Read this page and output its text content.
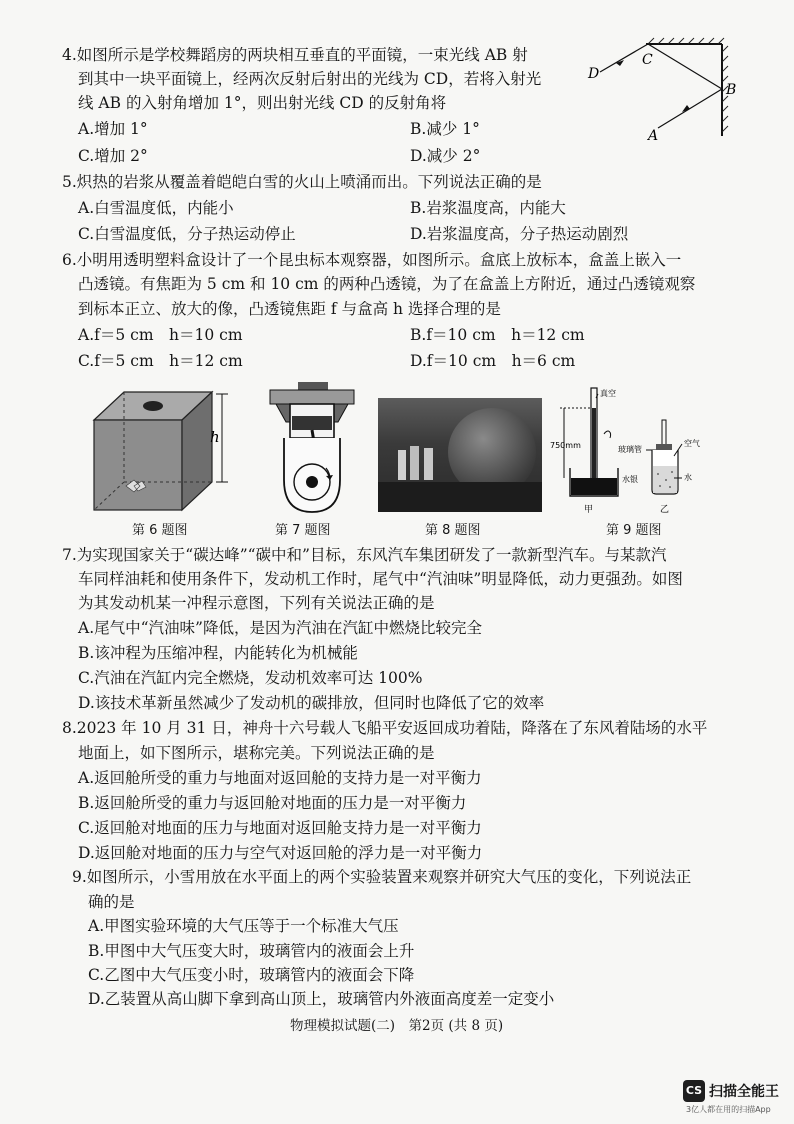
4.如图所示是学校舞蹈房的两块相互垂直的平面镜，一束光线 AB 射
到其中一块平面镜上，经两次反射后射出的光线为 CD，若将入射光
线 AB 的入射角增加 1°，则出射光线 CD 的反射角将
A.增加 1°	B.减少 1°
C.增加 2°	D.减少 2°
D
C
B
A
5.炽热的岩浆从覆盖着皑皑白雪的火山上喷涌而出。下列说法正确的是
A.白雪温度低，内能小	B.岩浆温度高，内能大
C.白雪温度低，分子热运动停止	D.岩浆温度高，分子热运动剧烈
6.小明用透明塑料盒设计了一个昆虫标本观察器，如图所示。盒底上放标本，盒盖上嵌入一
凸透镜。有焦距为 5 cm 和 10 cm 的两种凸透镜，为了在盒盖上方附近，通过凸透镜观察
到标本正立、放大的像，凸透镜焦距 f 与盒高 h 选择合理的是
A.f＝5 cm　h＝10 cm	B.f＝10 cm　h＝12 cm
C.f＝5 cm　h＝12 cm	D.f＝10 cm　h＝6 cm
h
第 6 题图	第 7 题图	第 8 题图
真空
750mm
水银
甲
玻璃管
空气
水
乙
第 9 题图
7.为实现国家关于“碳达峰”“碳中和”目标，东风汽车集团研发了一款新型汽车。与某款汽
车同样油耗和使用条件下，发动机工作时，尾气中“汽油味”明显降低，动力更强劲。如图
为其发动机某一冲程示意图，下列有关说法正确的是
A.尾气中“汽油味”降低，是因为汽油在汽缸中燃烧比较完全
B.该冲程为压缩冲程，内能转化为机械能
C.汽油在汽缸内完全燃烧，发动机效率可达 100%
D.该技术革新虽然减少了发动机的碳排放，但同时也降低了它的效率
8.2023 年 10 月 31 日，神舟十六号载人飞船平安返回成功着陆，降落在了东风着陆场的水平
地面上，如下图所示，堪称完美。下列说法正确的是
A.返回舱所受的重力与地面对返回舱的支持力是一对平衡力
B.返回舱所受的重力与返回舱对地面的压力是一对平衡力
C.返回舱对地面的压力与地面对返回舱支持力是一对平衡力
D.返回舱对地面的压力与空气对返回舱的浮力是一对平衡力
9.如图所示，小雪用放在水平面上的两个实验装置来观察并研究大气压的变化，下列说法正
确的是
A.甲图实验环境的大气压等于一个标准大气压
B.甲图中大气压变大时，玻璃管内的液面会上升
C.乙图中大气压变小时，玻璃管内的液面会下降
D.乙装置从高山脚下拿到高山顶上，玻璃管内外液面高度差一定变小
物理模拟试题(二)　第2页 (共 8 页)
CS 扫描全能王
3亿人都在用的扫描App
